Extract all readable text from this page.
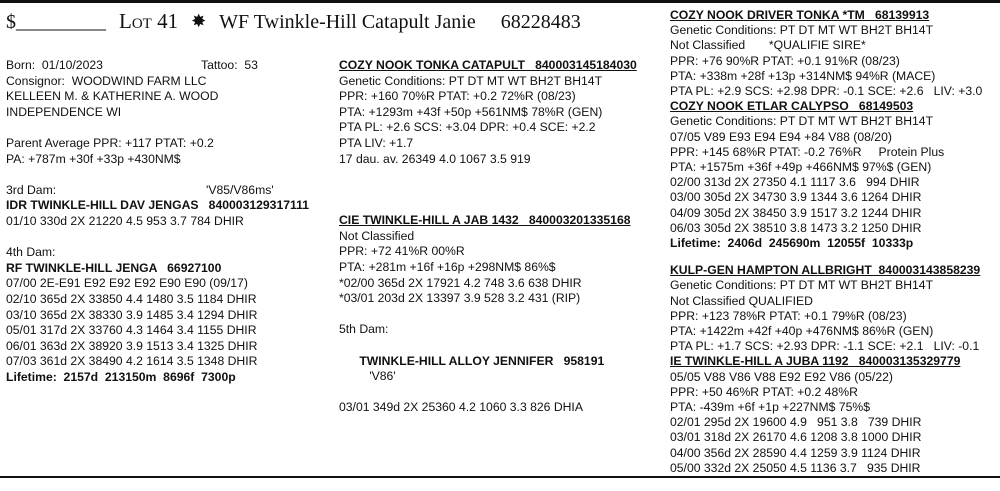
$_________ Lot 41 ✸ WF Twinkle-Hill Catapult Janie 68228483
Born:  01/10/2023	Tattoo:  53
Consignor:  WOODWIND FARM LLC
KELLEEN M. & KATHERINE A. WOOD
INDEPENDENCE WI
Parent Average PPR: +117 PTAT: +0.2
PA: +787m +30f +33p +430NM$
3rd Dam:	'V85/V86ms'
IDR TWINKLE-HILL DAV JENGAS   840003129317111
01/10 330d 2X 21220 4.5 953 3.7 784 DHIR
4th Dam:
RF TWINKLE-HILL JENGA   66927100
07/00 2E-E91 E92 E92 E92 E90 E90 (09/17)
02/10 365d 2X 33850 4.4 1480 3.5 1184 DHIR
03/10 365d 2X 38330 3.9 1485 3.4 1294 DHIR
05/01 317d 2X 33760 4.3 1464 3.4 1155 DHIR
06/01 363d 2X 38920 3.9 1513 3.4 1325 DHIR
07/03 361d 2X 38490 4.2 1614 3.5 1348 DHIR
Lifetime:  2157d  213150m  8696f  7300p
COZY NOOK TONKA CATAPULT   840003145184030
Genetic Conditions: PT DT MT WT BH2T BH14T
PPR: +160 70%R PTAT: +0.2 72%R (08/23)
PTA: +1293m +43f +50p +561NM$ 78%R (GEN)
PTA PL: +2.6 SCS: +3.04 DPR: +0.4 SCE: +2.2
PTA LIV: +1.7
17 dau. av. 26349 4.0 1067 3.5 919
CIE TWINKLE-HILL A JAB 1432   840003201335168
Not Classified
PPR: +72 41%R 00%R
PTA: +281m +16f +16p +298NM$ 86%$
*02/00 365d 2X 17921 4.2 748 3.6 638 DHIR
*03/01 203d 2X 13397 3.9 528 3.2 431 (RIP)
5th Dam:

TWINKLE-HILL ALLOY JENNIFER   958191
'V86'

03/01 349d 2X 25360 4.2 1060 3.3 826 DHIA
COZY NOOK DRIVER TONKA *TM   68139913
Genetic Conditions: PT DT MT WT BH2T BH14T
Not Classified       *QUALIFIE SIRE*
PPR: +76 90%R PTAT: +0.1 91%R (08/23)
PTA: +338m +28f +13p +314NM$ 94%R (MACE)
PTA PL: +2.9 SCS: +2.98 DPR: -0.1 SCE: +2.6   LIV: +3.0
COZY NOOK ETLAR CALYPSO   68149503
Genetic Conditions: PT DT MT WT BH2T BH14T
07/05 V89 E93 E94 E94 +84 V88 (08/20)
PPR: +145 68%R PTAT: -0.2 76%R     Protein Plus
PTA: +1575m +36f +49p +466NM$ 97%$ (GEN)
02/00 313d 2X 27350 4.1 1117 3.6   994 DHIR
03/00 305d 2X 34730 3.9 1344 3.6 1264 DHIR
04/09 305d 2X 38450 3.9 1517 3.2 1244 DHIR
06/03 305d 2X 38510 3.8 1473 3.2 1250 DHIR
Lifetime:  2406d  245690m  12055f  10333p
KULP-GEN HAMPTON ALLBRIGHT  840003143858239
Genetic Conditions: PT DT MT WT BH2T BH14T
Not Classified QUALIFIED
PPR: +123 78%R PTAT: +0.1 79%R (08/23)
PTA: +1422m +42f +40p +476NM$ 86%R (GEN)
PTA PL: +1.7 SCS: +2.93 DPR: -1.1 SCE: +2.1   LIV: -0.1
IE TWINKLE-HILL A JUBA 1192   840003135329779
05/05 V88 V86 V88 E92 E92 V86 (05/22)
PPR: +50 46%R PTAT: +0.2 48%R
PTA: -439m +6f +1p +227NM$ 75%$
02/01 295d 2X 19600 4.9   951 3.8   739 DHIR
03/01 318d 2X 26170 4.6 1208 3.8 1000 DHIR
04/00 356d 2X 28590 4.4 1259 3.9 1124 DHIR
05/00 332d 2X 25050 4.5 1136 3.7   935 DHIR
